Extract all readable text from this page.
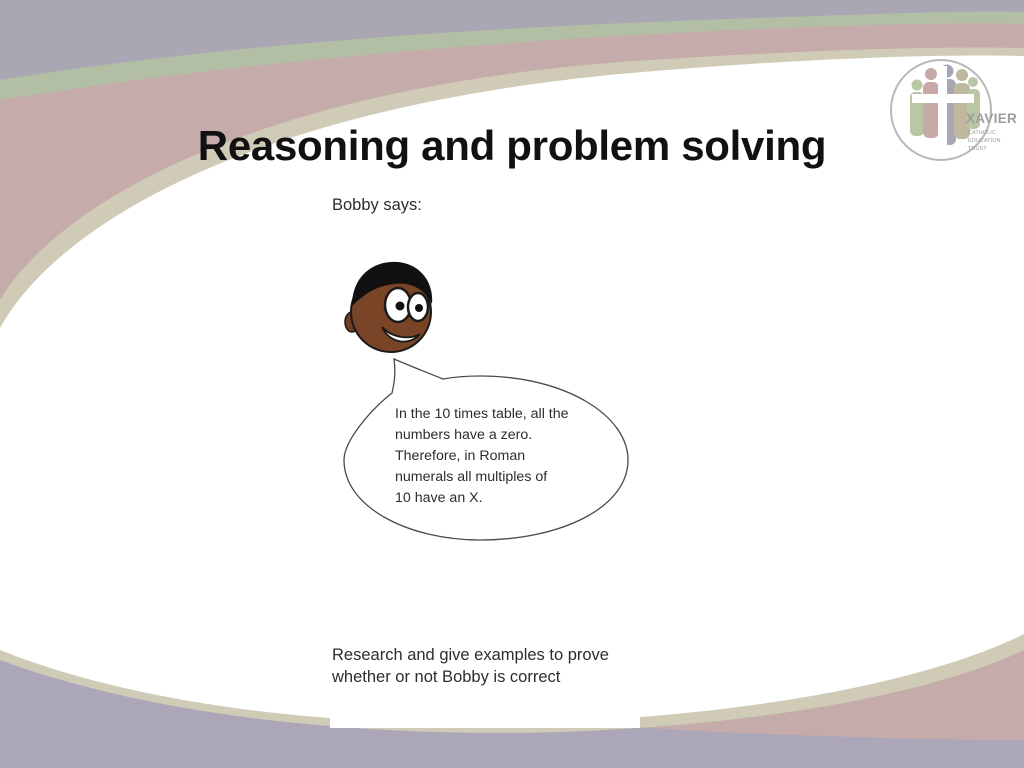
Reasoning and problem solving
XAVIER
CATHOLIC
EDUCATION
TRUST
Bobby says:
In the 10 times table, all the
numbers have a zero.
Therefore, in Roman
numerals all multiples of
10 have an X.
Research and give examples to prove
whether or not Bobby is correct
